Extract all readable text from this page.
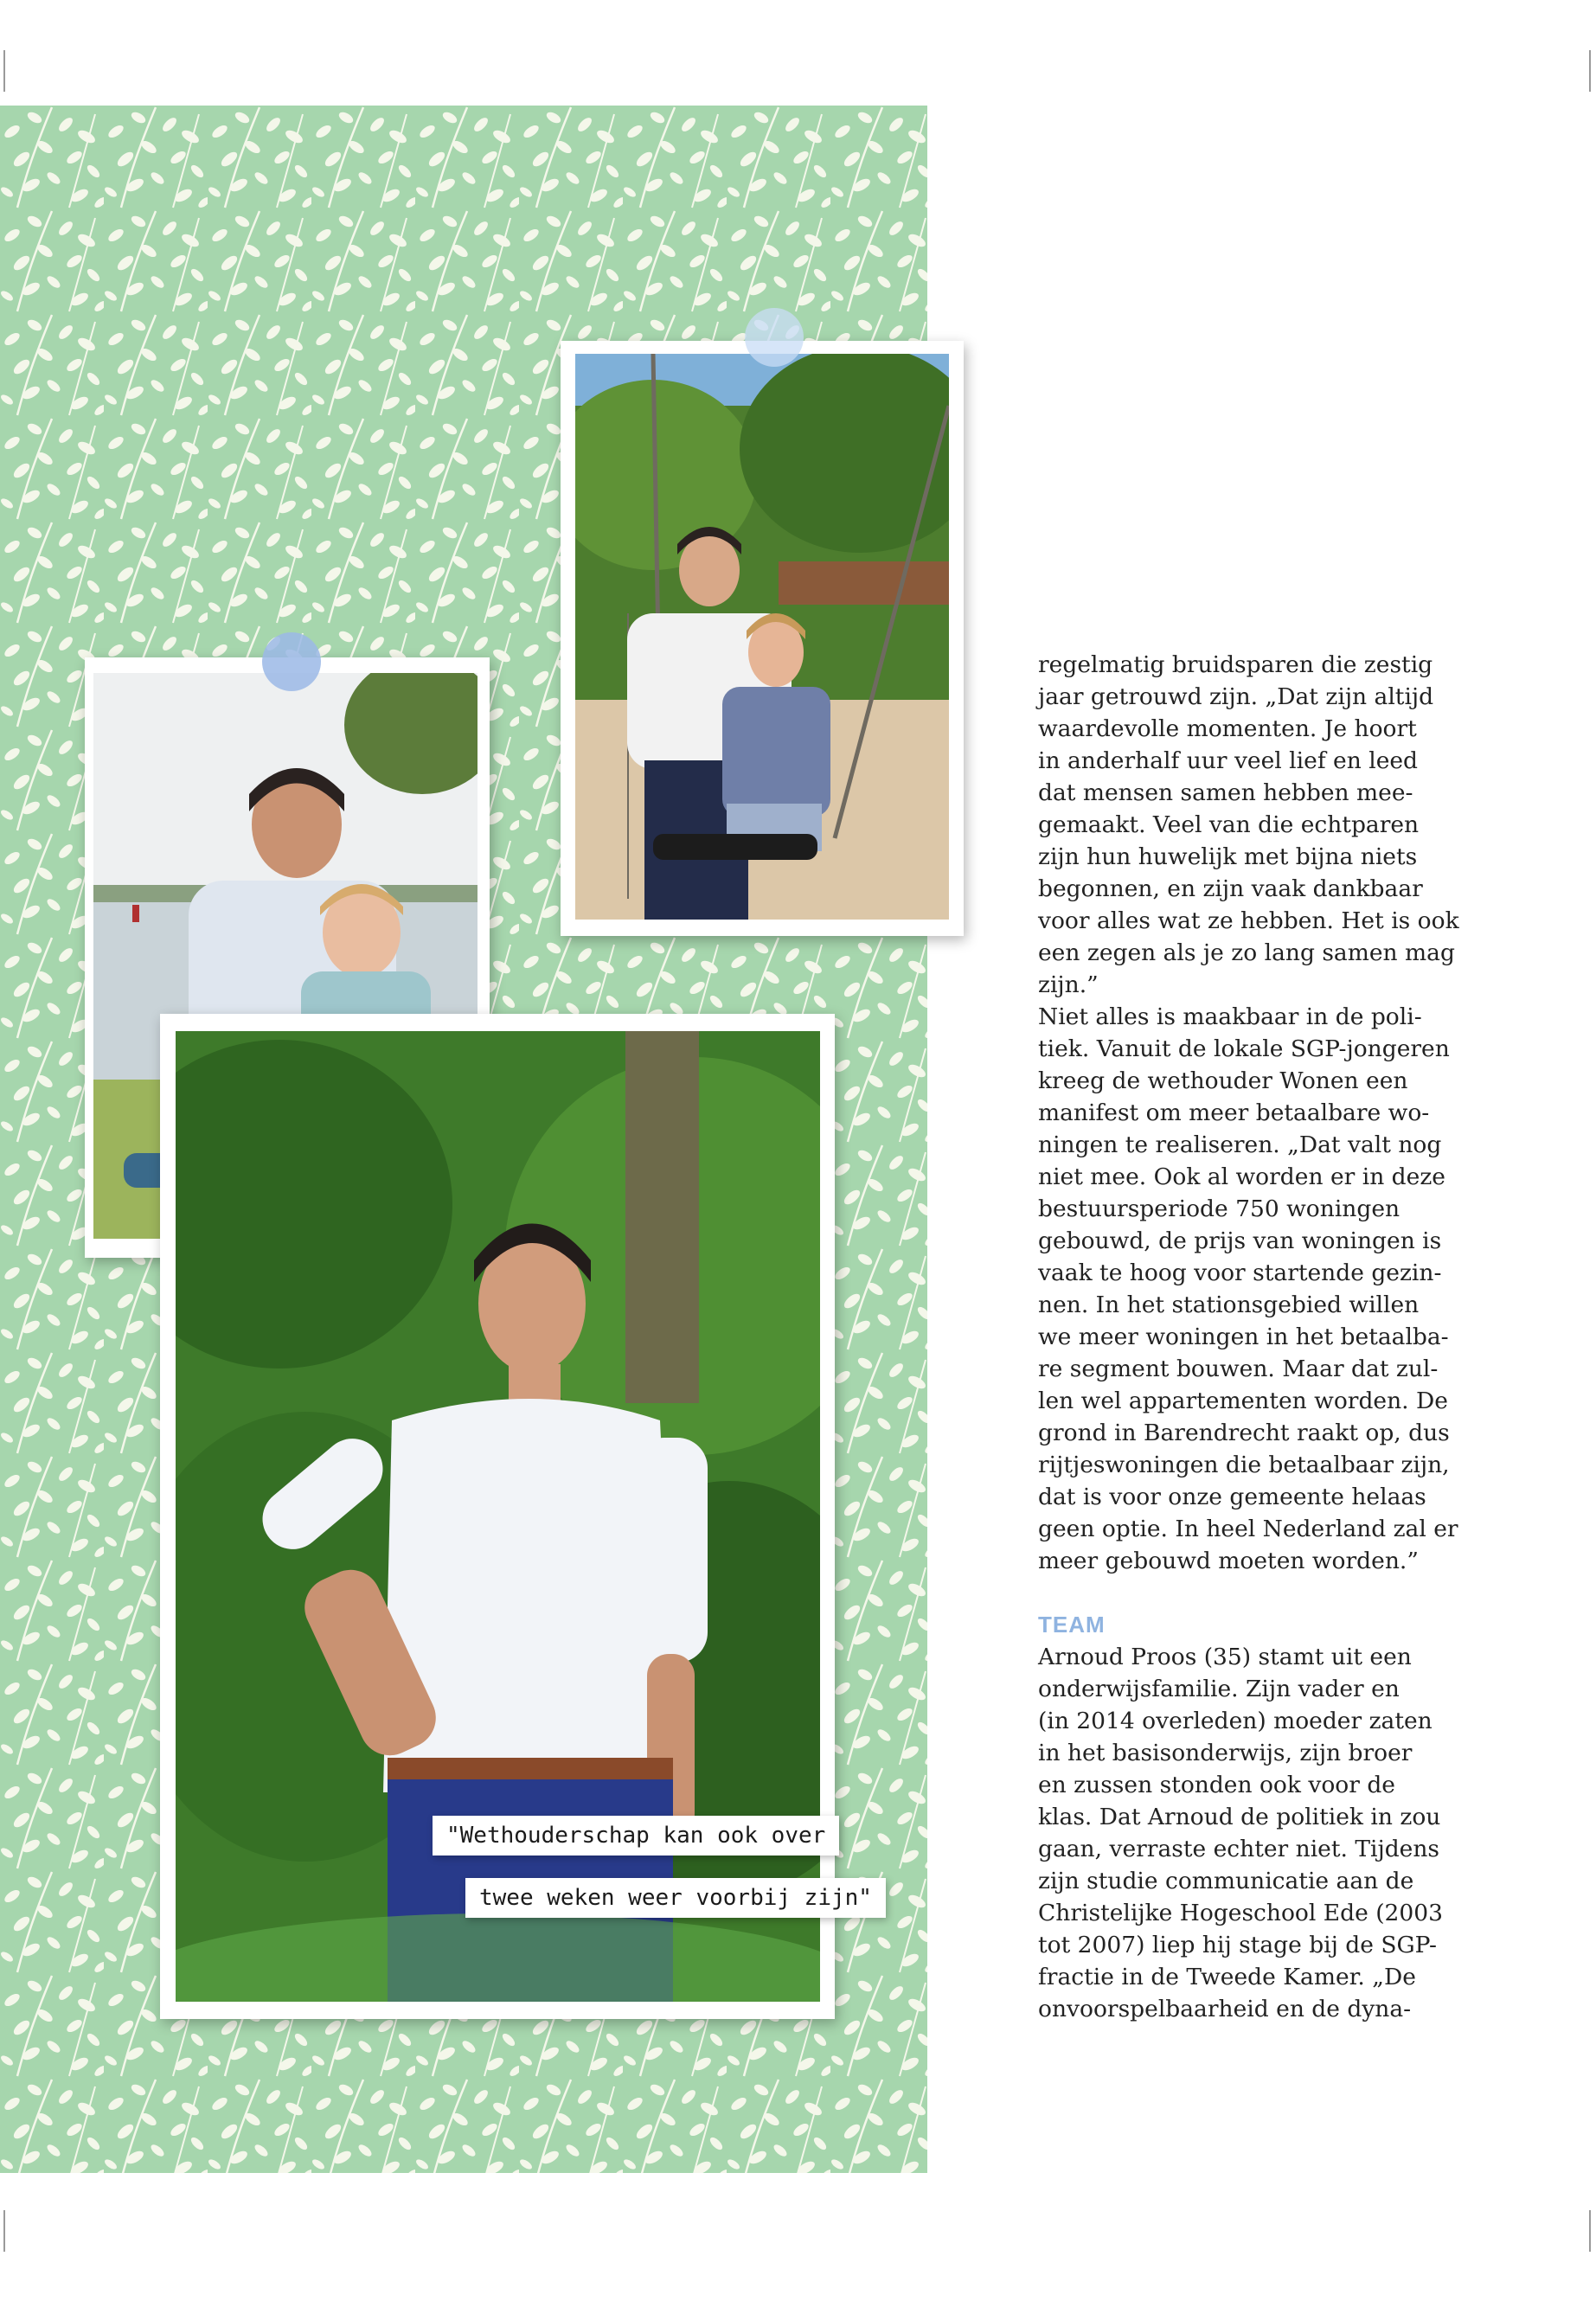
"Wethouderschap kan ook over
twee weken weer voorbij zijn"
regelmatig bruidsparen die zestig
jaar getrouwd zijn. „Dat zijn altijd
waardevolle momenten. Je hoort
in anderhalf uur veel lief en leed
dat mensen samen hebben mee-
gemaakt. Veel van die echtparen
zijn hun huwelijk met bijna niets
begonnen, en zijn vaak dankbaar
voor alles wat ze hebben. Het is ook
een zegen als je zo lang samen mag
zijn.”
Niet alles is maakbaar in de poli-
tiek. Vanuit de lokale SGP-jongeren
kreeg de wethouder Wonen een
manifest om meer betaalbare wo-
ningen te realiseren. „Dat valt nog
niet mee. Ook al worden er in deze
bestuursperiode 750 woningen
gebouwd, de prijs van woningen is
vaak te hoog voor startende gezin-
nen. In het stationsgebied willen
we meer woningen in het betaalba-
re segment bouwen. Maar dat zul-
len wel appartementen worden. De
grond in Barendrecht raakt op, dus
rijtjeswoningen die betaalbaar zijn,
dat is voor onze gemeente helaas
geen optie. In heel Nederland zal er
meer gebouwd moeten worden.”
TEAM
Arnoud Proos (35) stamt uit een
onderwijsfamilie. Zijn vader en
(in 2014 overleden) moeder zaten
in het basisonderwijs, zijn broer
en zussen stonden ook voor de
klas. Dat Arnoud de politiek in zou
gaan, verraste echter niet. Tijdens
zijn studie communicatie aan de
Christelijke Hogeschool Ede (2003
tot 2007) liep hij stage bij de SGP-
fractie in de Tweede Kamer. „De
onvoorspelbaarheid en de dyna-
